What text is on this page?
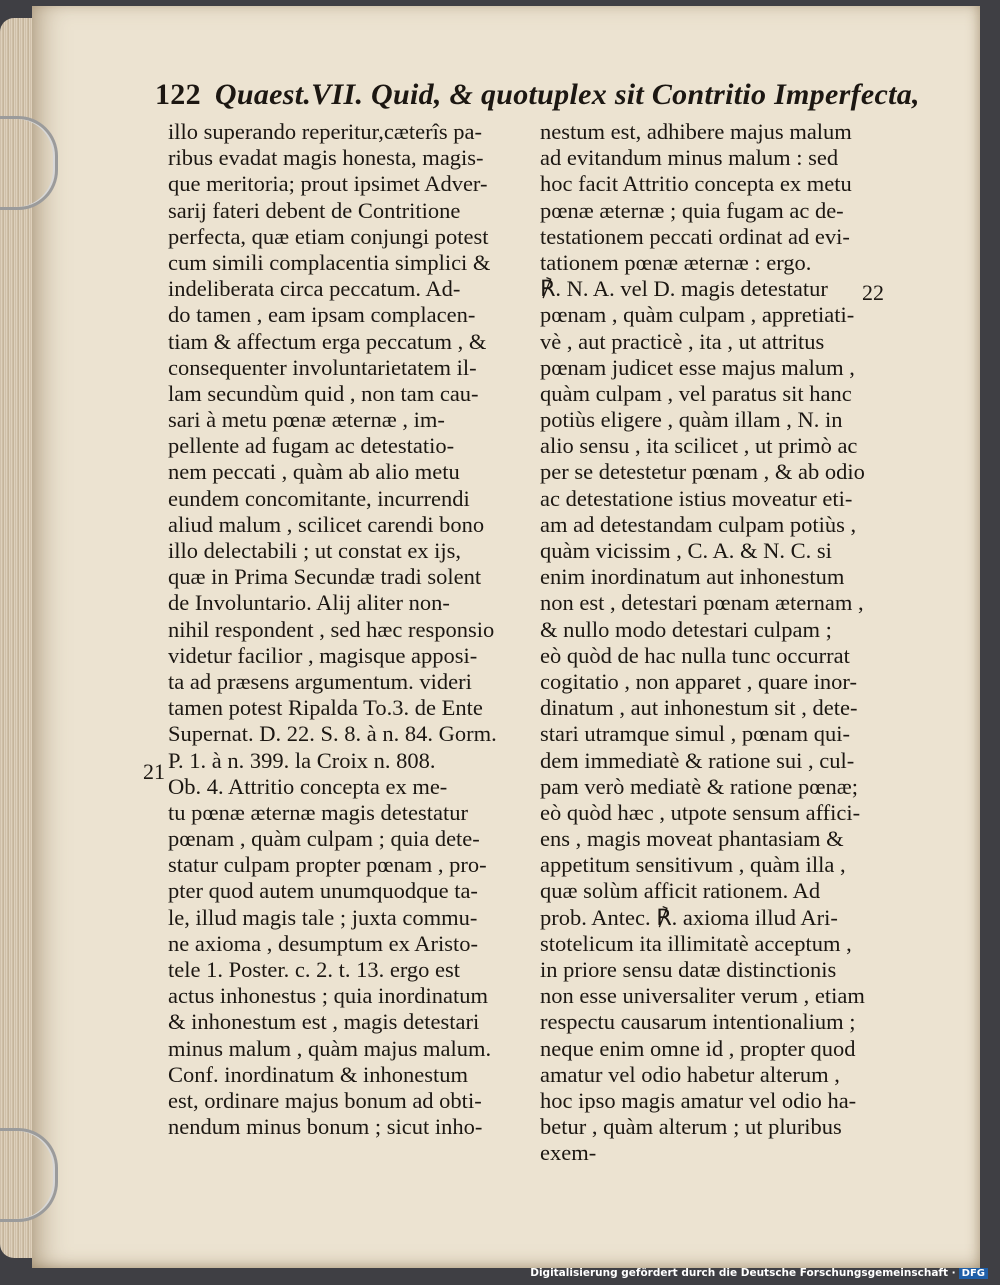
122 Quaest.VII. Quid, & quotuplex sit Contritio Imperfecta,
21
22
illo superando reperitur,cæterîs pa-
ribus evadat magis honesta, magis-
que meritoria; prout ipsimet Adver-
sarij fateri debent de Contritione
perfecta, quæ etiam conjungi potest
cum simili complacentia simplici &
indeliberata circa peccatum. Ad-
do tamen , eam ipsam complacen-
tiam & affectum erga peccatum , &
consequenter involuntarietatem il-
lam secundùm quid , non tam cau-
sari à metu pœnæ æternæ , im-
pellente ad fugam ac detestatio-
nem peccati , quàm ab alio metu
eundem concomitante, incurrendi
aliud malum , scilicet carendi bono
illo delectabili ; ut constat ex ijs,
quæ in Prima Secundæ tradi solent
de Involuntario. Alij aliter non-
nihil respondent , sed hæc responsio
videtur facilior , magisque apposi-
ta ad præsens argumentum. videri
tamen potest Ripalda To.3. de Ente
Supernat. D. 22. S. 8. à n. 84. Gorm.
P. 1. à n. 399. la Croix n. 808.
Ob. 4. Attritio concepta ex me-
tu pœnæ æternæ magis detestatur
pœnam , quàm culpam ; quia dete-
statur culpam propter pœnam , pro-
pter quod autem unumquodque ta-
le, illud magis tale ; juxta commu-
ne axioma , desumptum ex Aristo-
tele 1. Poster. c. 2. t. 13. ergo est
actus inhonestus ; quia inordinatum
& inhonestum est , magis detestari
minus malum , quàm majus malum.
Conf. inordinatum & inhonestum
est, ordinare majus bonum ad obti-
nendum minus bonum ; sicut inho-
nestum est, adhibere majus malum
ad evitandum minus malum : sed
hoc facit Attritio concepta ex metu
pœnæ æternæ ; quia fugam ac de-
testationem peccati ordinat ad evi-
tationem pœnæ æternæ : ergo.
℟. N. A. vel D. magis detestatur
pœnam , quàm culpam , appretiati-
vè , aut practicè , ita , ut attritus
pœnam judicet esse majus malum ,
quàm culpam , vel paratus sit hanc
potiùs eligere , quàm illam , N. in
alio sensu , ita scilicet , ut primò ac
per se detestetur pœnam , & ab odio
ac detestatione istius moveatur eti-
am ad detestandam culpam potiùs ,
quàm vicissim , C. A. & N. C. si
enim inordinatum aut inhonestum
non est , detestari pœnam æternam ,
& nullo modo detestari culpam ;
eò quòd de hac nulla tunc occurrat
cogitatio , non apparet , quare inor-
dinatum , aut inhonestum sit , dete-
stari utramque simul , pœnam qui-
dem immediatè & ratione sui , cul-
pam verò mediatè & ratione pœnæ;
eò quòd hæc , utpote sensum affici-
ens , magis moveat phantasiam &
appetitum sensitivum , quàm illa ,
quæ solùm afficit rationem. Ad
prob. Antec. ℟. axioma illud Ari-
stotelicum ita illimitatè acceptum ,
in priore sensu datæ distinctionis
non esse universaliter verum , etiam
respectu causarum intentionalium ;
neque enim omne id , propter quod
amatur vel odio habetur alterum ,
hoc ipso magis amatur vel odio ha-
betur , quàm alterum ; ut pluribus
exem-
Digitalisierung gefördert durch die Deutsche Forschungsgemeinschaft · DFG
